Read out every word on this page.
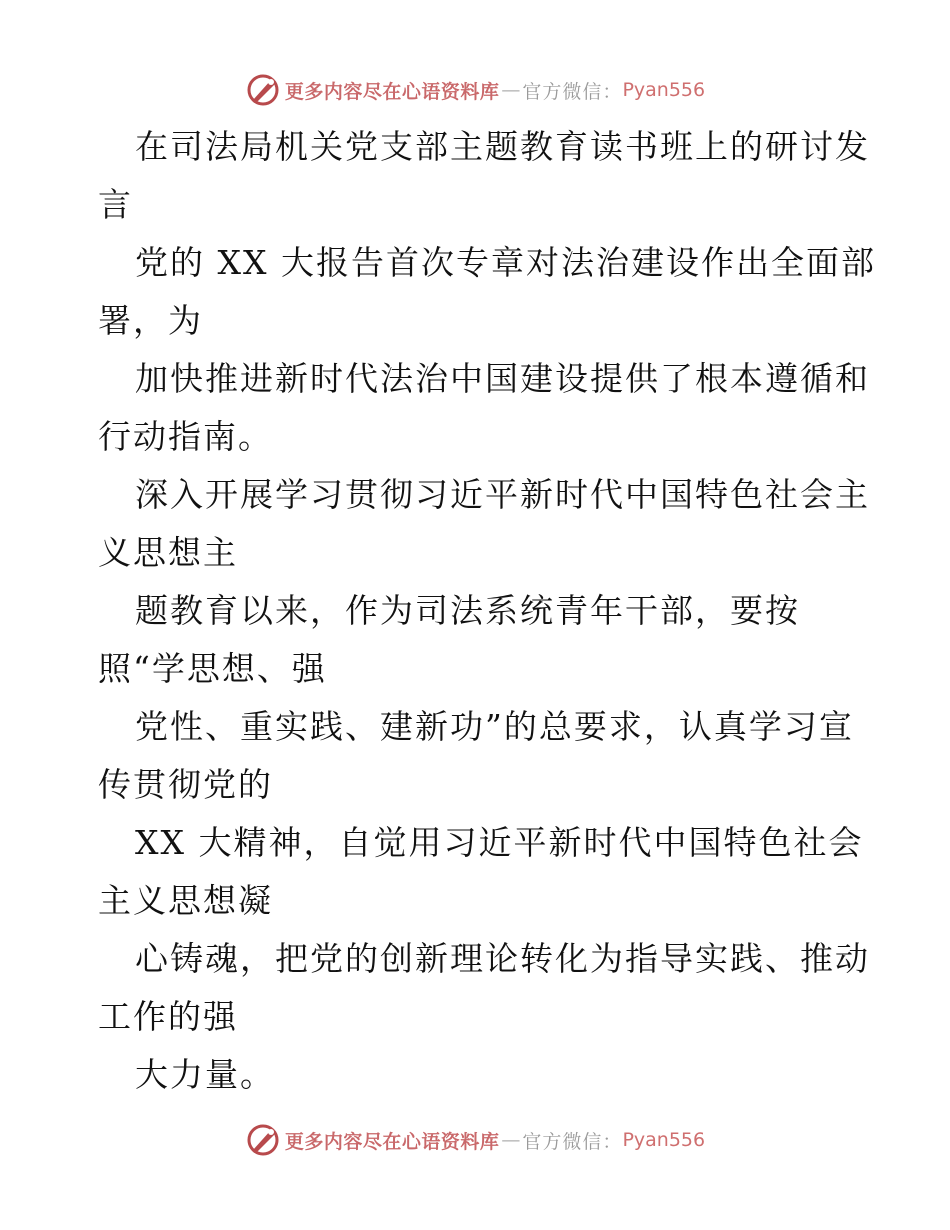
更多内容尽在心语资料库 — 官方微信： Pyan556
在司法局机关党支部主题教育读书班上的研讨发
言
党的 XX 大报告首次专章对法治建设作出全面部
署，为
加快推进新时代法治中国建设提供了根本遵循和
行动指南。
深入开展学习贯彻习近平新时代中国特色社会主
义思想主
题教育以来，作为司法系统青年干部，要按
照“学思想、强
党性、重实践、建新功”的总要求，认真学习宣
传贯彻党的
XX 大精神，自觉用习近平新时代中国特色社会
主义思想凝
心铸魂，把党的创新理论转化为指导实践、推动
工作的强
大力量。
更多内容尽在心语资料库 — 官方微信： Pyan556
